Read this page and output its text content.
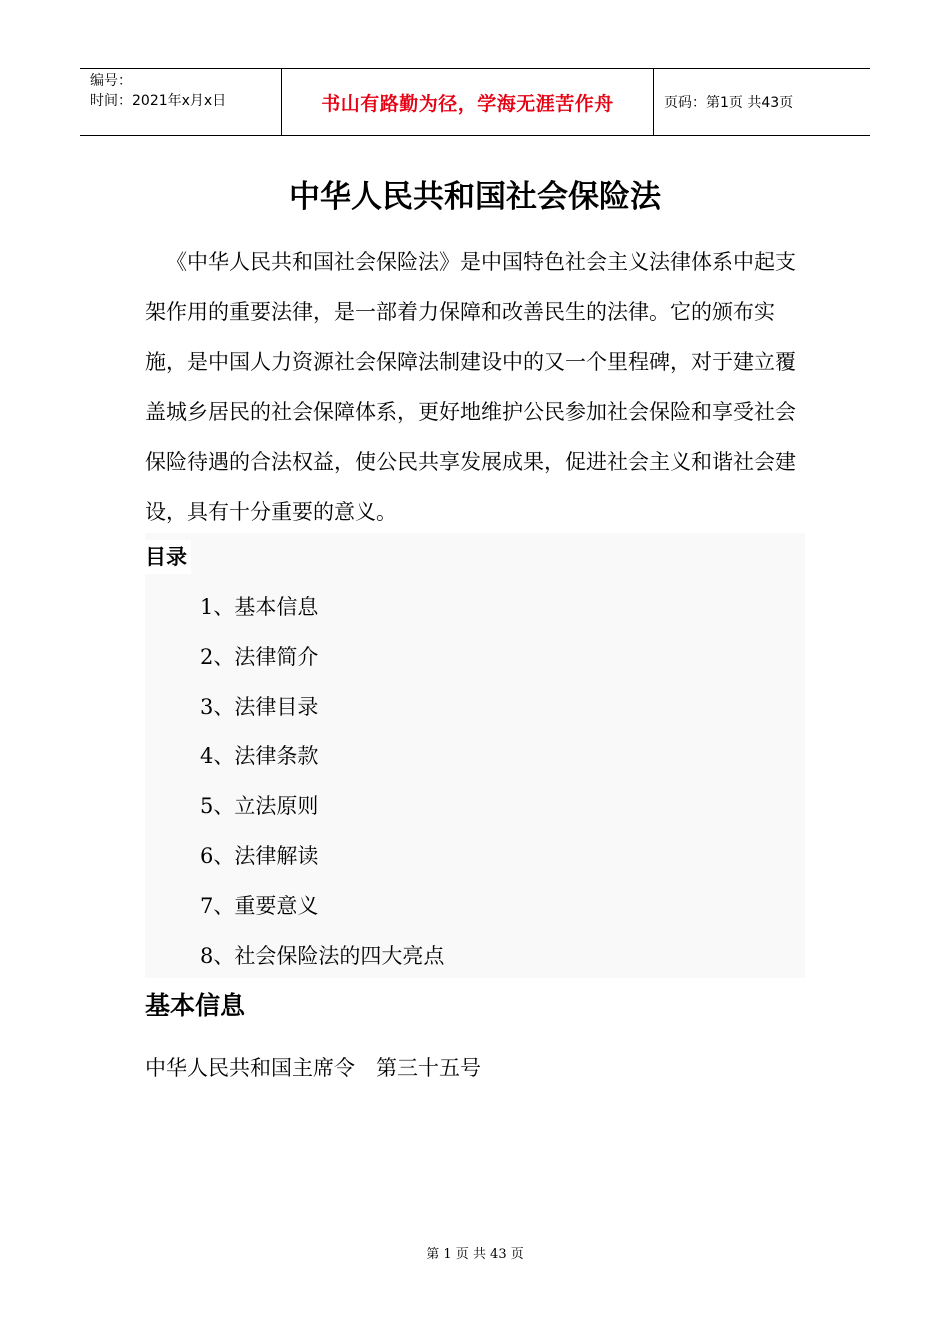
编号：
时间：2021年x月x日	书山有路勤为径，学海无涯苦作舟	页码：第1页 共43页
中华人民共和国社会保险法

《中华人民共和国社会保险法》是中国特色社会主义法律体系中起支架作用的重要法律，是一部着力保障和改善民生的法律。它的颁布实施，是中国人力资源社会保障法制建设中的又一个里程碑，对于建立覆盖城乡居民的社会保障体系，更好地维护公民参加社会保险和享受社会保险待遇的合法权益，使公民共享发展成果，促进社会主义和谐社会建设，具有十分重要的意义。

目录
1、基本信息
2、法律简介
3、法律目录
4、法律条款
5、立法原则
6、法律解读
7、重要意义
8、社会保险法的四大亮点
基本信息
中华人民共和国主席令　第三十五号
第 1 页 共 43 页
